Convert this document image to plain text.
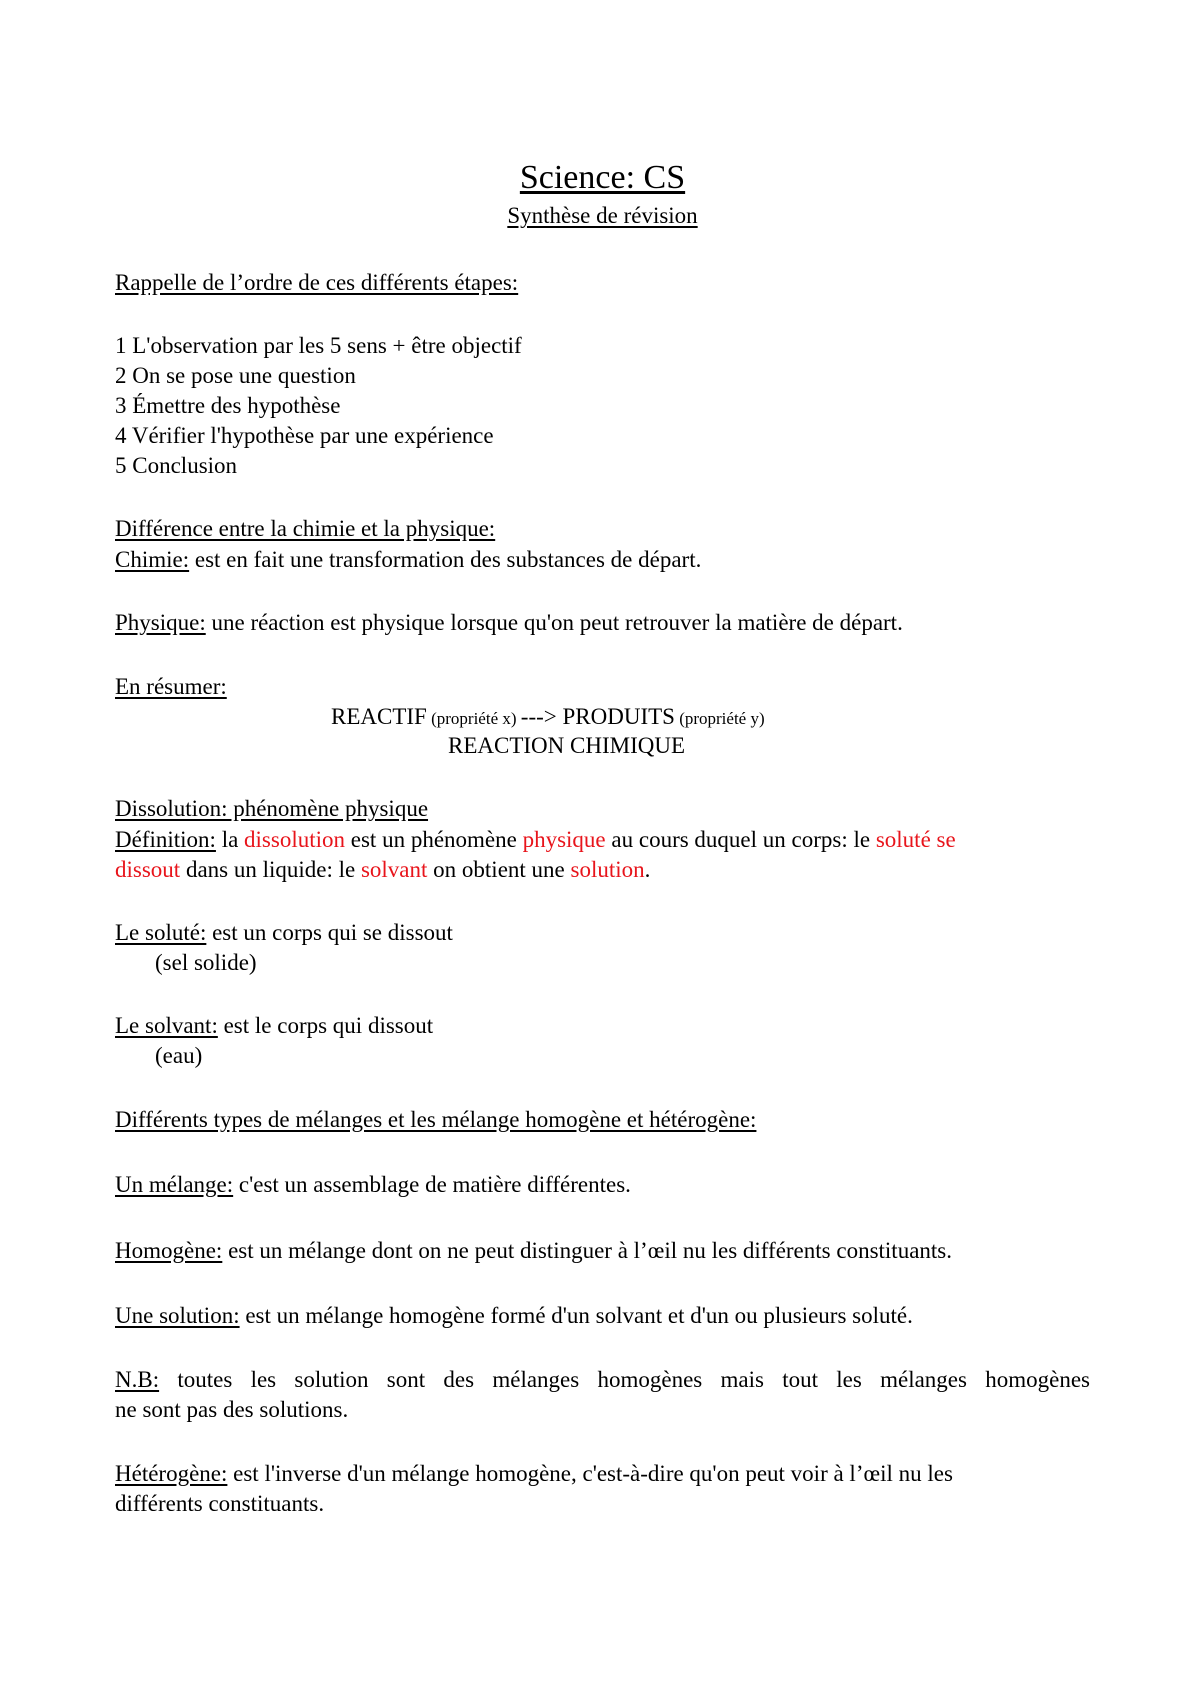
Science: CS
Synthèse de révision
Rappelle de l’ordre de ces différents étapes:
1 L'observation par les 5 sens + être objectif
2 On se pose une question
3 Émettre des hypothèse
4 Vérifier l'hypothèse par une expérience
5 Conclusion
Différence entre la chimie et la physique:
Chimie: est en fait une transformation des substances de départ.
Physique: une réaction est physique lorsque qu'on peut retrouver la matière de départ.
En résumer:
REACTIF (propriété x) ---> PRODUITS (propriété y)
REACTION CHIMIQUE
Dissolution: phénomène physique
Définition: la dissolution est un phénomène physique au cours duquel un corps: le soluté se
dissout dans un liquide: le solvant on obtient une solution.
Le soluté: est un corps qui se dissout
(sel solide)
Le solvant: est le corps qui dissout
(eau)
Différents types de mélanges et les mélange homogène et hétérogène:
Un mélange: c'est un assemblage de matière différentes.
Homogène: est un mélange dont on ne peut distinguer à l’œil nu les différents constituants.
Une solution: est un mélange homogène formé d'un solvant et d'un ou plusieurs soluté.
N.B: toutes les solution sont des mélanges homogènes mais tout les mélanges homogènes
ne sont pas des solutions.
Hétérogène: est l'inverse d'un mélange homogène, c'est-à-dire qu'on peut voir à l’œil nu les
différents constituants.
